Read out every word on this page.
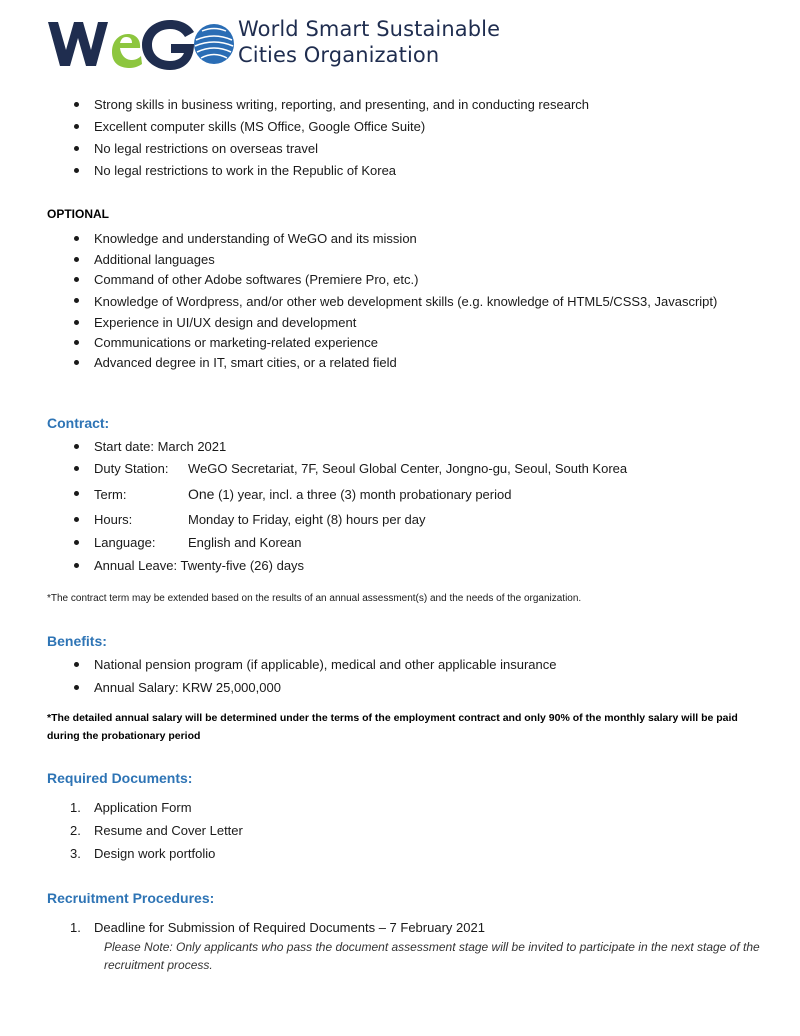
World Smart Sustainable
Cities Organization
Strong skills in business writing, reporting, and presenting, and in conducting research
Excellent computer skills (MS Office, Google Office Suite)
No legal restrictions on overseas travel
No legal restrictions to work in the Republic of Korea
OPTIONAL
Knowledge and understanding of WeGO and its mission
Additional languages
Command of other Adobe softwares (Premiere Pro, etc.)
Knowledge of Wordpress, and/or other web development skills (e.g. knowledge of HTML5/CSS3, Javascript)
Experience in UI/UX design and development
Communications or marketing-related experience
Advanced degree in IT, smart cities, or a related field
Contract:
Start date: March 2021
Duty Station: WeGO Secretariat, 7F, Seoul Global Center, Jongno-gu, Seoul, South Korea
Term:	One (1) year, incl. a three (3) month probationary period
Hours:	Monday to Friday, eight (8) hours per day
Language:	English and Korean
Annual Leave: Twenty-five (26) days
*The contract term may be extended based on the results of an annual assessment(s) and the needs of the organization.
Benefits:
National pension program (if applicable), medical and other applicable insurance
Annual Salary: KRW 25,000,000
*The detailed annual salary will be determined under the terms of the employment contract and only 90% of the monthly salary will be paid during the probationary period
Required Documents:
1. Application Form
2. Resume and Cover Letter
3. Design work portfolio
Recruitment Procedures:
1. Deadline for Submission of Required Documents – 7 February 2021
Please Note: Only applicants who pass the document assessment stage will be invited to participate in the next stage of the recruitment process.
